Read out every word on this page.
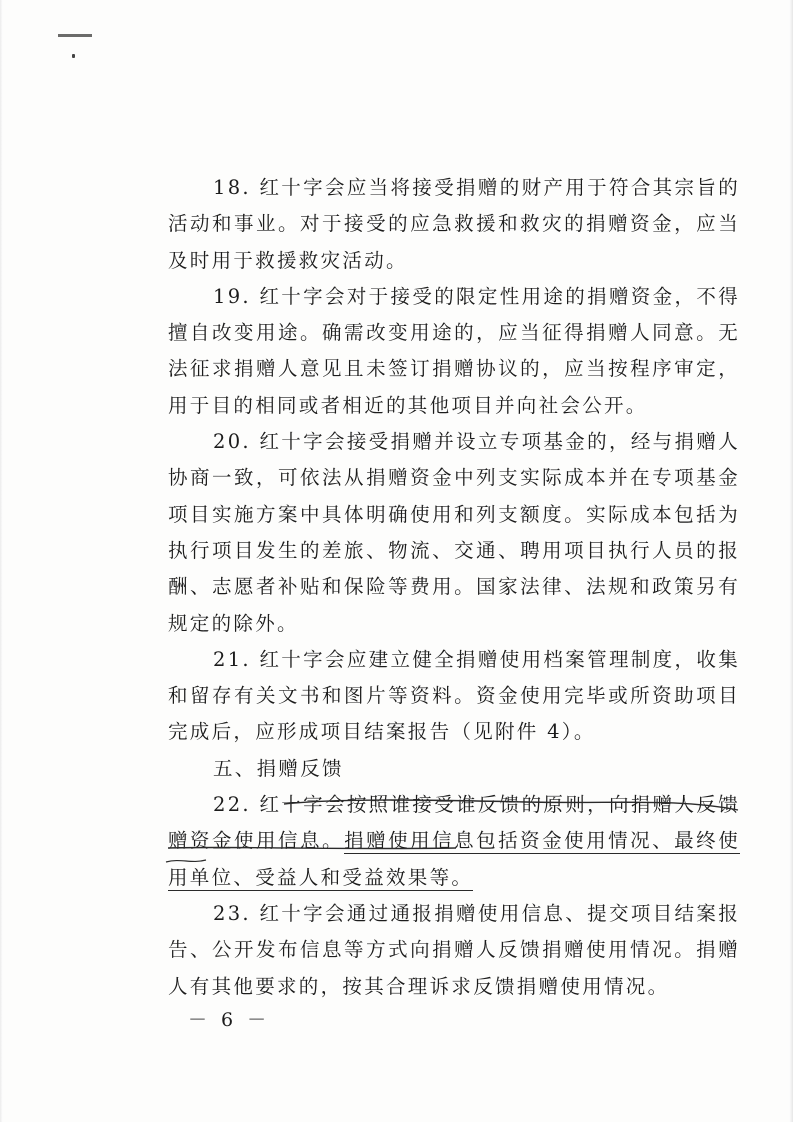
18. 红十字会应当将接受捐赠的财产用于符合其宗旨的活动和事业。对于接受的应急救援和救灾的捐赠资金，应当及时用于救援救灾活动。

19. 红十字会对于接受的限定性用途的捐赠资金，不得擅自改变用途。确需改变用途的，应当征得捐赠人同意。无法征求捐赠人意见且未签订捐赠协议的，应当按程序审定，用于目的相同或者相近的其他项目并向社会公开。

20. 红十字会接受捐赠并设立专项基金的，经与捐赠人协商一致，可依法从捐赠资金中列支实际成本并在专项基金项目实施方案中具体明确使用和列支额度。实际成本包括为执行项目发生的差旅、物流、交通、聘用项目执行人员的报酬、志愿者补贴和保险等费用。国家法律、法规和政策另有规定的除外。

21. 红十字会应建立健全捐赠使用档案管理制度，收集和留存有关文书和图片等资料。资金使用完毕或所资助项目完成后，应形成项目结案报告（见附件 4）。

五、捐赠反馈

22. 红十字会按照谁接受谁反馈的原则，向捐赠人反馈赠资金使用信息。捐赠使用信息包括资金使用情况、最终使用单位、受益人和受益效果等。

23. 红十字会通过通报捐赠使用信息、提交项目结案报告、公开发布信息等方式向捐赠人反馈捐赠使用情况。捐赠人有其他要求的，按其合理诉求反馈捐赠使用情况。

－ 6 －
